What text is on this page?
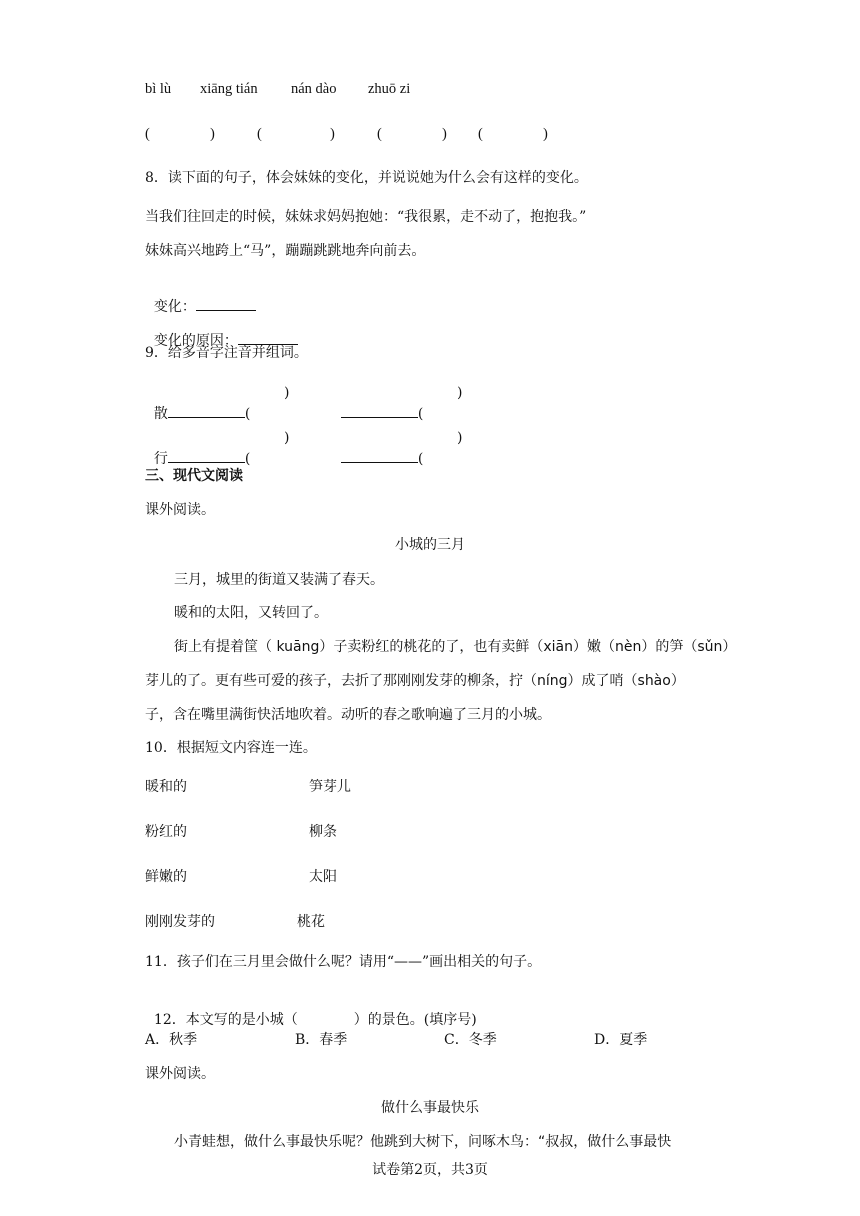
bì lù xiāng tián nán dào zhuō zi
(	)	(	)	(	) (	)
8．读下面的句子，体会妹妹的变化，并说说她为什么会有这样的变化。
当我们往回走的时候，妹妹求妈妈抱她：“我很累，走不动了，抱抱我。”
妹妹高兴地跨上“马”，蹦蹦跳跳地奔向前去。

变化：

变化的原因：

9．给多音字注音并组词。

散	(

)

(

)

行	(

)

(

)
三、现代文阅读
课外阅读。
小城的三月
三月，城里的街道又装满了春天。
暖和的太阳，又转回了。
街上有提着筐（ kuāng）子卖粉红的桃花的了，也有卖鲜（xiān）嫩（nèn）的笋（sǔn）
芽儿的了。更有些可爱的孩子，去折了那刚刚发芽的柳条，拧（níng）成了哨（shào）
子，含在嘴里满街快活地吹着。动听的春之歌响遍了三月的小城。
10．根据短文内容连一连。
暖和的	笋芽儿
粉红的	柳条
鲜嫩的	太阳
刚刚发芽的	桃花
11．孩子们在三月里会做什么呢？请用“——”画出相关的句子。

12．本文写的是小城（	）的景色。(填序号)

A．秋季	B．春季	C．冬季	D．夏季
课外阅读。
做什么事最快乐
小青蛙想，做什么事最快乐呢？他跳到大树下，问啄木鸟：“叔叔，做什么事最快
试卷第2页，共3页
